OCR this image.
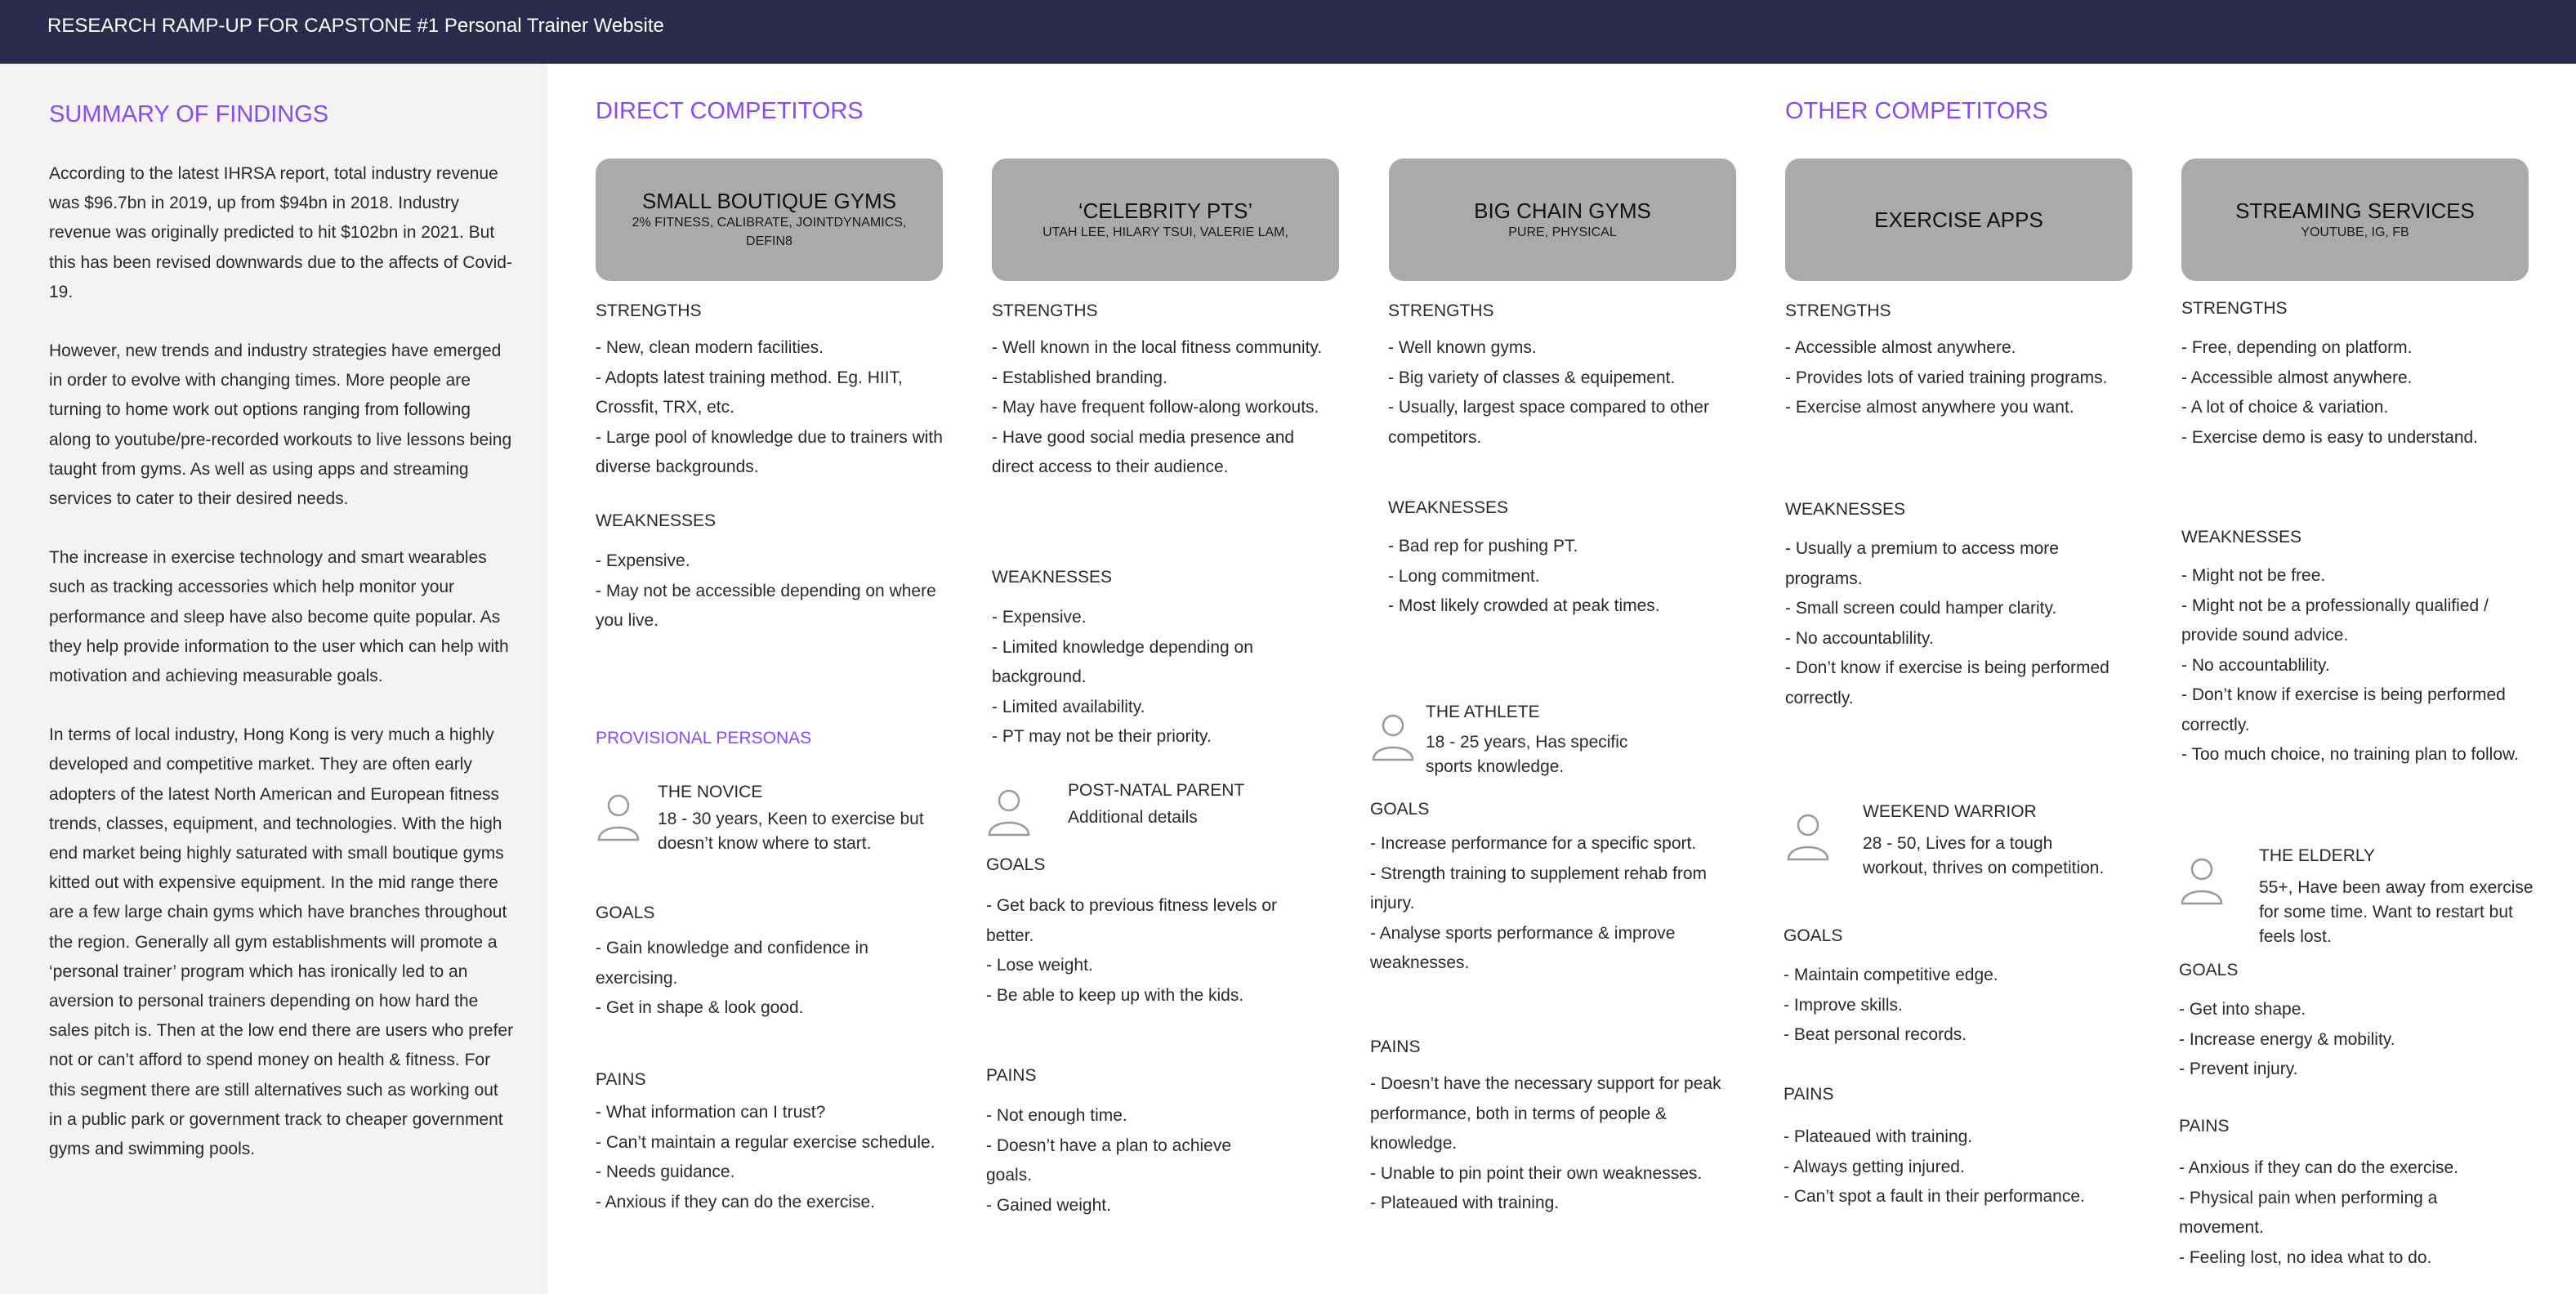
RESEARCH RAMP-UP FOR CAPSTONE #1 Personal Trainer Website
SUMMARY OF FINDINGS

According to the latest IHRSA report, total industry revenue was $96.7bn in 2019, up from $94bn in 2018. Industry revenue was originally predicted to hit $102bn in 2021. But this has been revised downwards due to the affects of Covid-19.

However, new trends and industry strategies have emerged in order to evolve with changing times. More people are turning to home work out options ranging from following along to youtube/pre-recorded workouts to live lessons being taught from gyms. As well as using apps and streaming services to cater to their desired needs.

The increase in exercise technology and smart wearables such as tracking accessories which help monitor your performance and sleep have also become quite popular. As they help provide information to the user which can help with motivation and achieving measurable goals.

In terms of local industry, Hong Kong is very much a highly developed and competitive market. They are often early adopters of the latest North American and European fitness trends, classes, equipment, and technologies. With the high end market being highly saturated with small boutique gyms kitted out with expensive equipment. In the mid range there are a few large chain gyms which have branches throughout the region. Generally all gym establishments will promote a ‘personal trainer’ program which has ironically led to an aversion to personal trainers depending on how hard the sales pitch is. Then at the low end there are users who prefer not or can’t afford to spend money on health & fitness. For this segment there are still alternatives such as working out in a public park or government track to cheaper government gyms and swimming pools.

DIRECT COMPETITORS	OTHER COMPETITORS
PROVISIONAL PERSONAS
SMALL BOUTIQUE GYMS
2% FITNESS, CALIBRATE, JOINTDYNAMICS, DEFIN8
STRENGTHS
- New, clean modern facilities.
- Adopts latest training method. Eg. HIIT, Crossfit, TRX, etc.
- Large pool of knowledge due to trainers with diverse backgrounds.
WEAKNESSES
- Expensive.
- May not be accessible depending on where you live.
THE NOVICE
18 - 30 years, Keen to exercise but doesn’t know where to start.
GOALS
- Gain knowledge and confidence in exercising.
- Get in shape & look good.
PAINS
- What information can I trust?
- Can’t maintain a regular exercise schedule.
- Needs guidance.
- Anxious if they can do the exercise.
‘CELEBRITY PTS’
UTAH LEE, HILARY TSUI, VALERIE LAM,
STRENGTHS
- Well known in the local fitness community.
- Established branding.
- May have frequent follow-along workouts.
- Have good social media presence and direct access to their audience.
WEAKNESSES
- Expensive.
- Limited knowledge depending on background.
- Limited availability.
- PT may not be their priority.
POST-NATAL PARENT
Additional details
GOALS
- Get back to previous fitness levels or better.
- Lose weight.
- Be able to keep up with the kids.
PAINS
- Not enough time.
- Doesn’t have a plan to achieve goals.
- Gained weight.
BIG CHAIN GYMS
PURE, PHYSICAL
STRENGTHS
- Well known gyms.
- Big variety of classes & equipement.
- Usually, largest space compared to other competitors.
WEAKNESSES
- Bad rep for pushing PT.
- Long commitment.
- Most likely crowded at peak times.
THE ATHLETE
18 - 25 years, Has specific sports knowledge.
GOALS
- Increase performance for a specific sport.
- Strength training to supplement rehab from injury.
- Analyse sports performance & improve weaknesses.
PAINS
- Doesn’t have the necessary support for peak performance, both in terms of people & knowledge.
- Unable to pin point their own weaknesses.
- Plateaued with training.
EXERCISE APPS
STRENGTHS
- Accessible almost anywhere.
- Provides lots of varied training programs.
- Exercise almost anywhere you want.
WEAKNESSES
- Usually a premium to access more programs.
- Small screen could hamper clarity.
- No accountablility.
- Don’t know if exercise is being performed correctly.
WEEKEND WARRIOR
28 - 50, Lives for a tough workout, thrives on competition.
GOALS
- Maintain competitive edge.
- Improve skills.
- Beat personal records.
PAINS
- Plateaued with training.
- Always getting injured.
- Can’t spot a fault in their performance.
STREAMING SERVICES
YOUTUBE, IG, FB
STRENGTHS
- Free, depending on platform.
- Accessible almost anywhere.
- A lot of choice & variation.
- Exercise demo is easy to understand.
WEAKNESSES
- Might not be free.
- Might not be a professionally qualified / provide sound advice.
- No accountablility.
- Don’t know if exercise is being performed correctly.
- Too much choice, no training plan to follow.
THE ELDERLY
55+, Have been away from exercise for some time. Want to restart but feels lost.
GOALS
- Get into shape.
- Increase energy & mobility.
- Prevent injury.
PAINS
- Anxious if they can do the exercise.
- Physical pain when performing a movement.
- Feeling lost, no idea what to do.
